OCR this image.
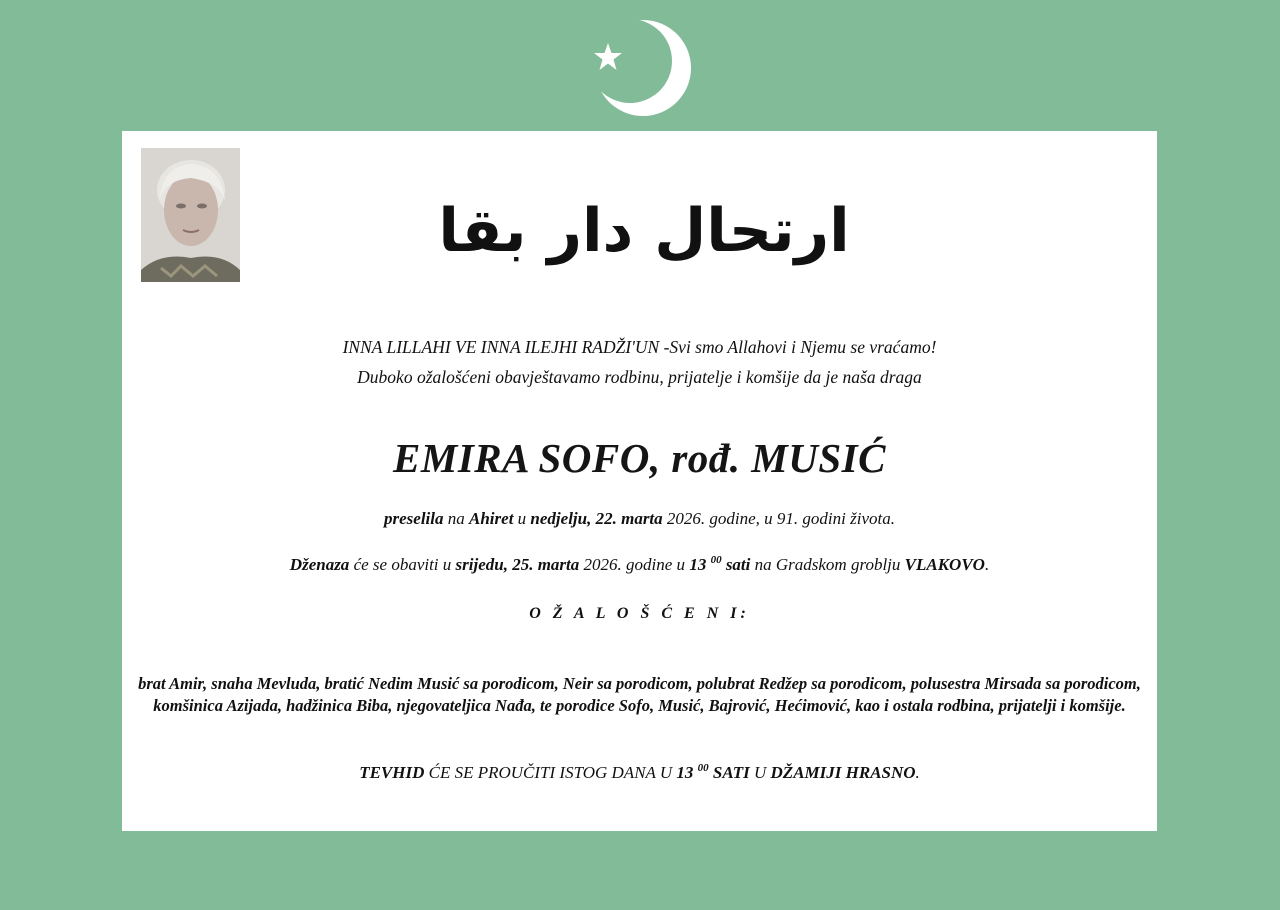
ارتحال دار بقا
INNA LILLAHI VE INNA ILEJHI RADŽI'UN -Svi smo Allahovi i Njemu se vraćamo!
Duboko ožalošćeni obavještavamo rodbinu, prijatelje i komšije da je naša draga
EMIRA SOFO, rođ. MUSIĆ
preselila na Ahiret u nedjelju, 22. marta 2026. godine, u 91. godini života.
Dženaza će se obaviti u srijedu, 25. marta 2026. godine u 13 $^{00}$ sati na Gradskom groblju VLAKOVO.
O Ž A L O Š Ć E N I:
brat Amir, snaha Mevluda, bratić Nedim Musić sa porodicom, Neir sa porodicom, polubrat Redžep sa porodicom, polusestra Mirsada sa porodicom, komšinica Azijada, hadžinica Biba, njegovateljica Nađa, te porodice Sofo, Musić, Bajrović, Hećimović, kao i ostala rodbina, prijatelji i komšije.
TEVHID ĆE SE PROUČITI ISTOG DANA U 13 $^{00}$ SATI U DŽAMIJI HRASNO.
